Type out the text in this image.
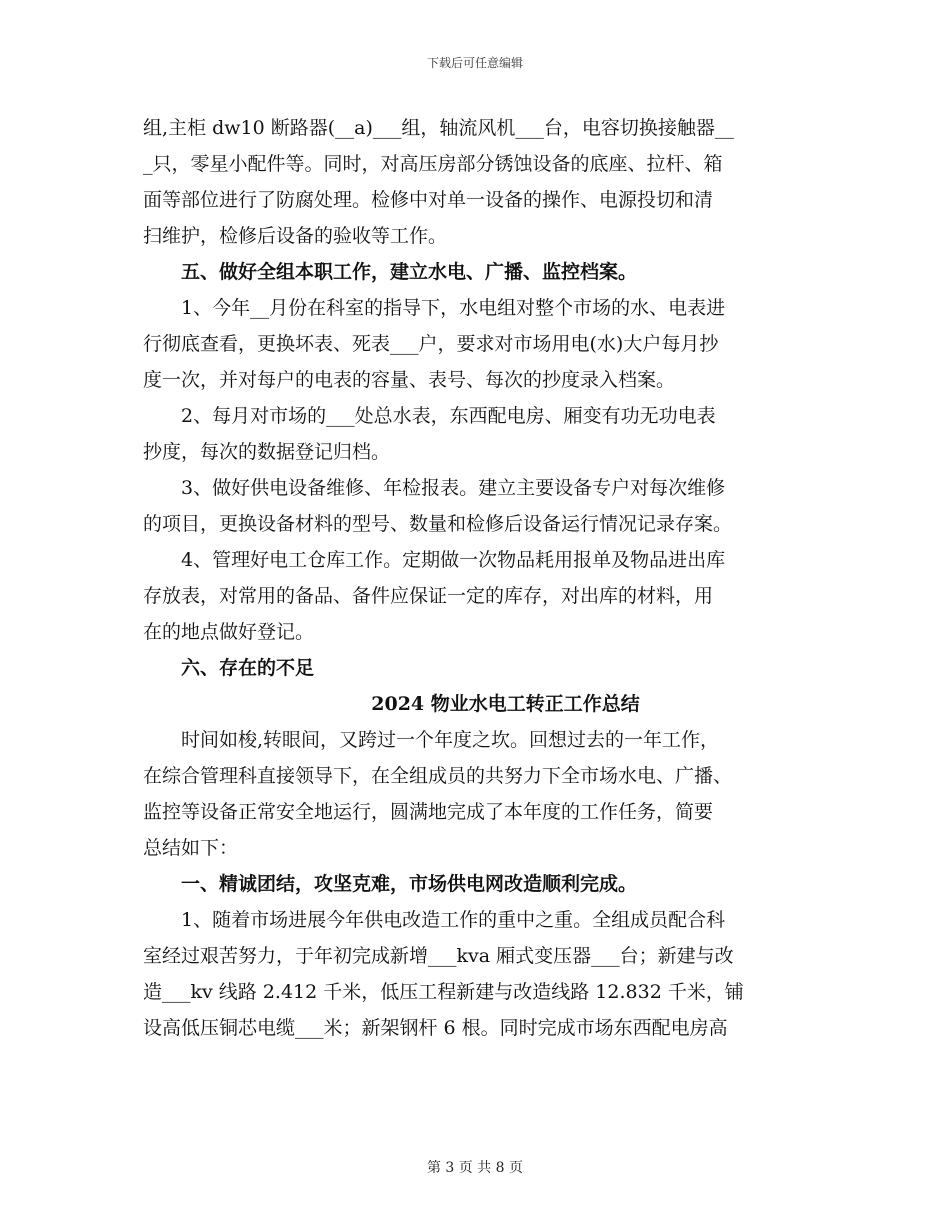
下载后可任意编辑

组,主柜 dw10 断路器(__a)___组，轴流风机___台，电容切换接触器__

_只，零星小配件等。同时，对高压房部分锈蚀设备的底座、拉杆、箱

面等部位进行了防腐处理。检修中对单一设备的操作、电源投切和清

扫维护，检修后设备的验收等工作。

五、做好全组本职工作，建立水电、广播、监控档案。

1、今年__月份在科室的指导下，水电组对整个市场的水、电表进

行彻底查看，更换坏表、死表___户，要求对市场用电(水)大户每月抄

度一次，并对每户的电表的容量、表号、每次的抄度录入档案。

2、每月对市场的___处总水表，东西配电房、厢变有功无功电表

抄度，每次的数据登记归档。

3、做好供电设备维修、年检报表。建立主要设备专户对每次维修

的项目，更换设备材料的型号、数量和检修后设备运行情况记录存案。

4、管理好电工仓库工作。定期做一次物品耗用报单及物品进出库

存放表，对常用的备品、备件应保证一定的库存，对出库的材料，用

在的地点做好登记。

六、存在的不足

2024 物业水电工转正工作总结

时间如梭,转眼间，又跨过一个年度之坎。回想过去的一年工作，

在综合管理科直接领导下，在全组成员的共努力下全市场水电、广播、

监控等设备正常安全地运行，圆满地完成了本年度的工作任务，简要

总结如下：

一、精诚团结，攻坚克难，市场供电网改造顺利完成。

1、随着市场进展今年供电改造工作的重中之重。全组成员配合科

室经过艰苦努力，于年初完成新增___kva 厢式变压器___台；新建与改

造___kv 线路 2.412 千米，低压工程新建与改造线路 12.832 千米，铺

设高低压铜芯电缆___米；新架钢杆 6 根。同时完成市场东西配电房高

第 3 页 共 8 页
